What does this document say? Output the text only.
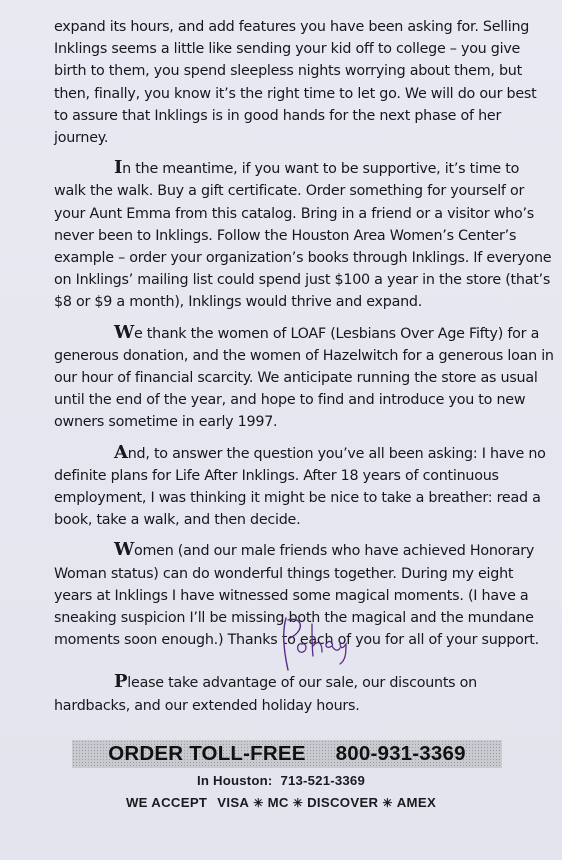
expand its hours, and add features you have been asking for. Selling Inklings seems a little like sending your kid off to college – you give birth to them, you spend sleepless nights worrying about them, but then, finally, you know it’s the right time to let go. We will do our best to assure that Inklings is in good hands for the next phase of her journey.

In the meantime, if you want to be supportive, it’s time to walk the walk. Buy a gift certificate. Order something for yourself or your Aunt Emma from this catalog. Bring in a friend or a visitor who’s never been to Inklings. Follow the Houston Area Women’s Center’s example – order your organization’s books through Inklings. If everyone on Inklings’ mailing list could spend just $100 a year in the store (that’s $8 or $9 a month), Inklings would thrive and expand.

We thank the women of LOAF (Lesbians Over Age Fifty) for a generous donation, and the women of Hazelwitch for a generous loan in our hour of financial scarcity. We anticipate running the store as usual until the end of the year, and hope to find and introduce you to new owners sometime in early 1997.

And, to answer the question you’ve all been asking: I have no definite plans for Life After Inklings. After 18 years of continuous employment, I was thinking it might be nice to take a breather: read a book, take a walk, and then decide.

Women (and our male friends who have achieved Honorary Woman status) can do wonderful things together. During my eight years at Inklings I have witnessed some magical moments. (I have a sneaking suspicion I’ll be missing both the magical and the mundane moments soon enough.) Thanks to each of you for all of your support.

Please take advantage of our sale, our discounts on hardbacks, and our extended holiday hours.

ORDER TOLL-FREE 800-931-3369
In Houston: 713-521-3369
WE ACCEPT VISA ✳ MC ✳ DISCOVER ✳ AMEX
